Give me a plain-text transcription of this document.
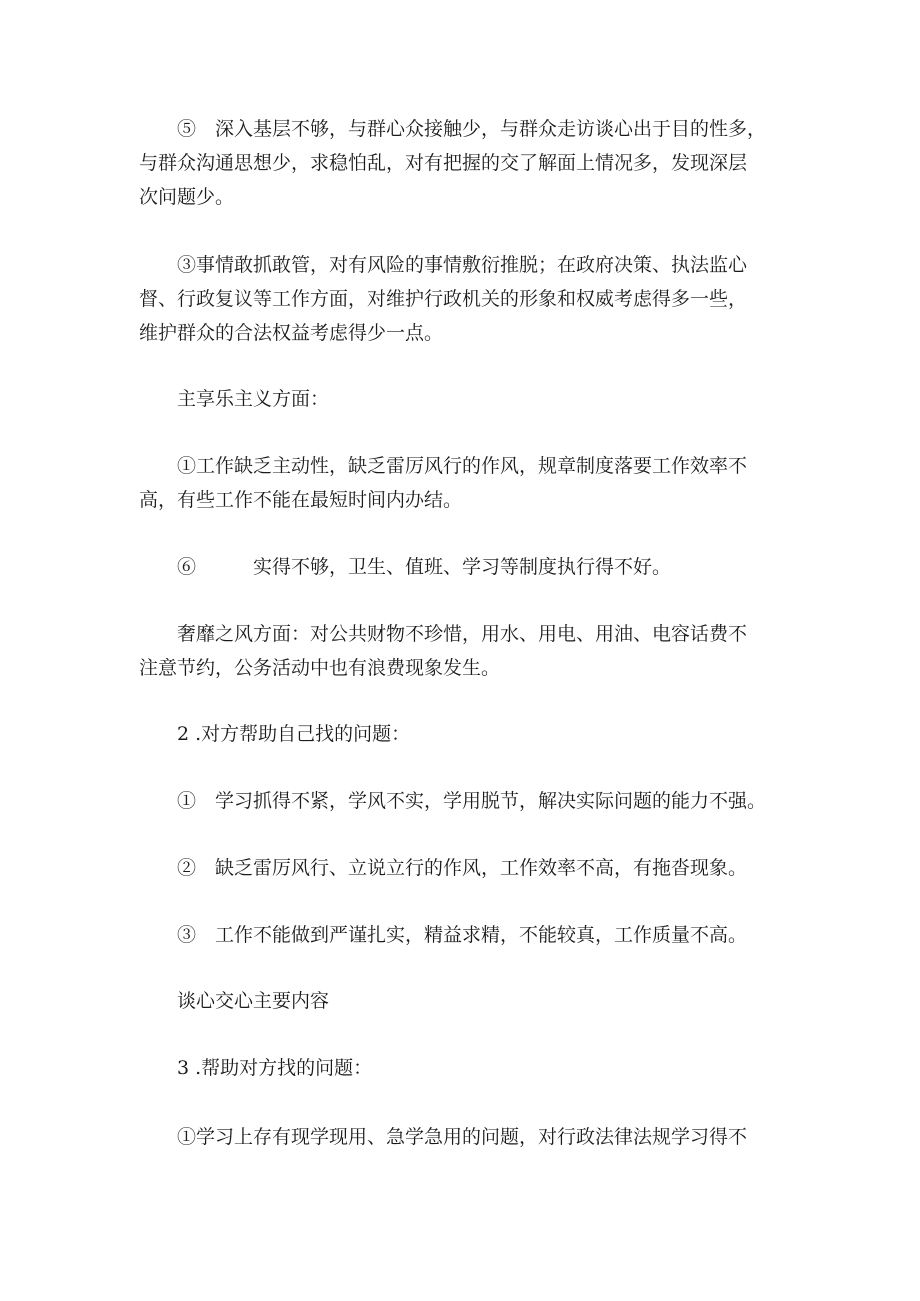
⑤　深入基层不够，与群心众接触少，与群众走访谈心出于目的性多，

与群众沟通思想少，求稳怕乱，对有把握的交了解面上情况多，发现深层

次问题少。

③事情敢抓敢管，对有风险的事情敷衍推脱；在政府决策、执法监心

督、行政复议等工作方面，对维护行政机关的形象和权威考虑得多一些，

维护群众的合法权益考虑得少一点。

主享乐主义方面：

①工作缺乏主动性，缺乏雷厉风行的作风，规章制度落要工作效率不

高，有些工作不能在最短时间内办结。

⑥　　　实得不够，卫生、值班、学习等制度执行得不好。

奢靡之风方面：对公共财物不珍惜，用水、用电、用油、电容话费不

注意节约，公务活动中也有浪费现象发生。

2 .对方帮助自己找的问题：

①　学习抓得不紧，学风不实，学用脱节，解决实际问题的能力不强。

②　缺乏雷厉风行、立说立行的作风，工作效率不高，有拖沓现象。

③　工作不能做到严谨扎实，精益求精，不能较真，工作质量不高。

谈心交心主要内容

3 .帮助对方找的问题：

①学习上存有现学现用、急学急用的问题，对行政法律法规学习得不
